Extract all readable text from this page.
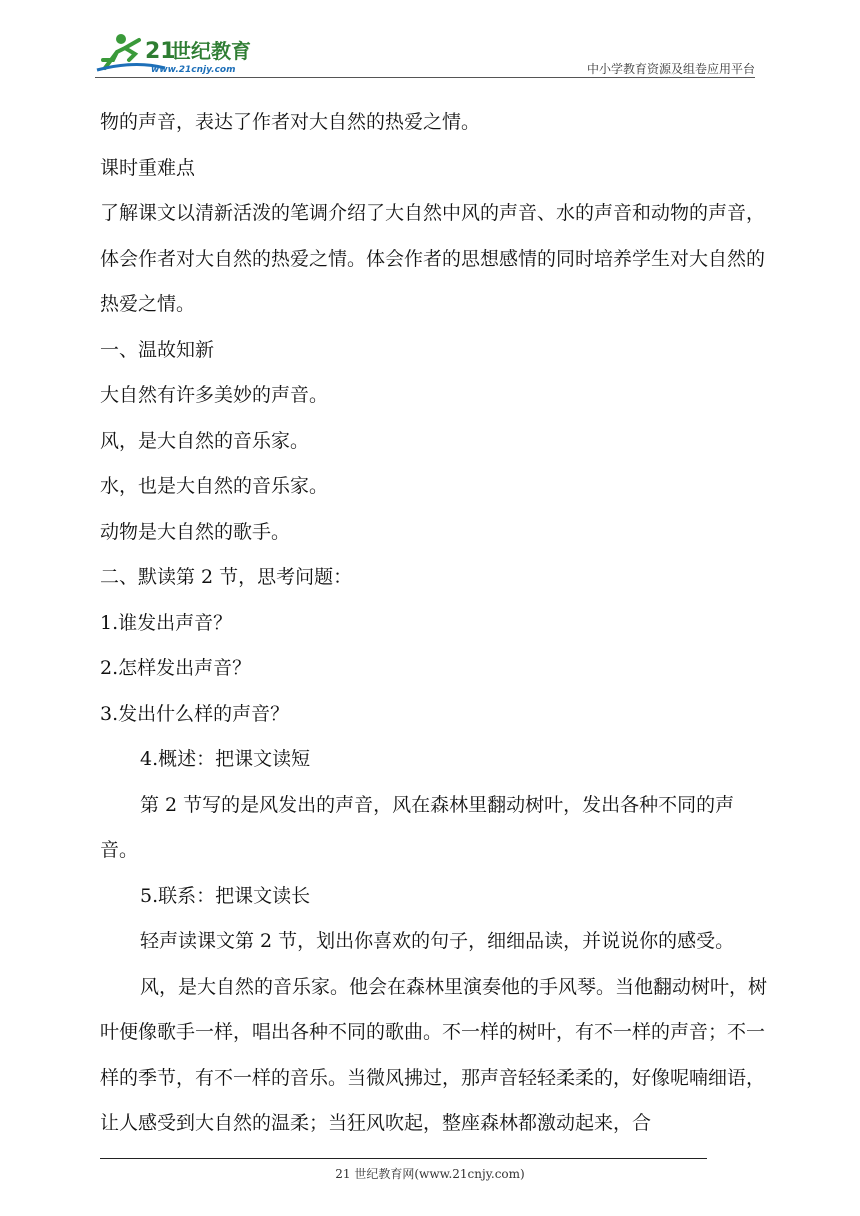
21
世纪教育
www.21cnjy.com	中小学教育资源及组卷应用平台

物的声音，表达了作者对大自然的热爱之情。

课时重难点

了解课文以清新活泼的笔调介绍了大自然中风的声音、水的声音和动物的声音，体会作者对大自然的热爱之情。体会作者的思想感情的同时培养学生对大自然的热爱之情。

一、温故知新

大自然有许多美妙的声音。

风，是大自然的音乐家。

水，也是大自然的音乐家。

动物是大自然的歌手。

二、默读第 2 节，思考问题：

1.谁发出声音？

2.怎样发出声音？

3.发出什么样的声音？

4.概述：把课文读短

第 2 节写的是风发出的声音，风在森林里翻动树叶，发出各种不同的声音。

5.联系：把课文读长

轻声读课文第 2 节，划出你喜欢的句子，细细品读，并说说你的感受。

风，是大自然的音乐家。他会在森林里演奏他的手风琴。当他翻动树叶，树叶便像歌手一样，唱出各种不同的歌曲。不一样的树叶，有不一样的声音；不一样的季节，有不一样的音乐。当微风拂过，那声音轻轻柔柔的，好像呢喃细语，让人感受到大自然的温柔；当狂风吹起，整座森林都激动起来，合

21 世纪教育网(www.21cnjy.com)
